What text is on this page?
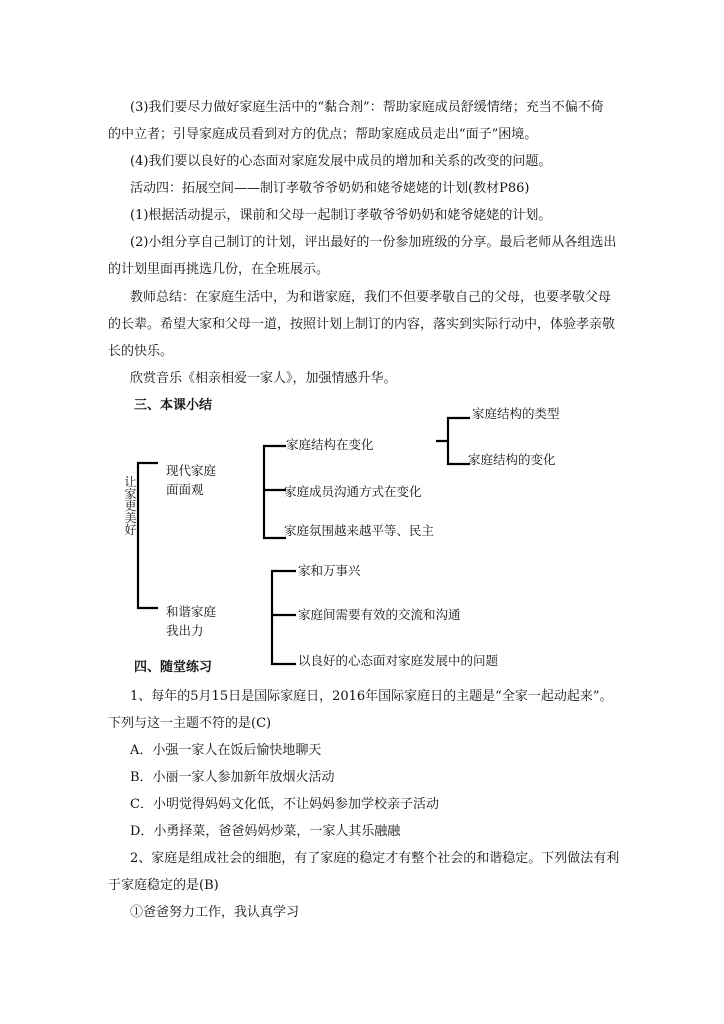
(3)我们要尽力做好家庭生活中的“黏合剂”：帮助家庭成员舒缓情绪；充当不偏不倚
的中立者；引导家庭成员看到对方的优点；帮助家庭成员走出“面子”困境。
(4)我们要以良好的心态面对家庭发展中成员的增加和关系的改变的问题。
活动四：拓展空间——制订孝敬爷爷奶奶和姥爷姥姥的计划(教材P86)
(1)根据活动提示，课前和父母一起制订孝敬爷爷奶奶和姥爷姥姥的计划。
(2)小组分享自己制订的计划，评出最好的一份参加班级的分享。最后老师从各组选出
的计划里面再挑选几份，在全班展示。
教师总结：在家庭生活中，为和谐家庭，我们不但要孝敬自己的父母，也要孝敬父母
的长辈。希望大家和父母一道，按照计划上制订的内容，落实到实际行动中，体验孝亲敬
长的快乐。
欣赏音乐《相亲相爱一家人》，加强情感升华。
三、本课小结
让家更美好
现代家庭
面面观
家庭结构在变化
家庭结构的类型
家庭结构的变化
家庭成员沟通方式在变化
家庭氛围越来越平等、民主
和谐家庭
我出力
家和万事兴
家庭间需要有效的交流和沟通
以良好的心态面对家庭发展中的问题
四、随堂练习
1、每年的5月15日是国际家庭日，2016年国际家庭日的主题是“全家一起动起来”。
下列与这一主题不符的是(C)
A．小强一家人在饭后愉快地聊天
B．小丽一家人参加新年放烟火活动
C．小明觉得妈妈文化低，不让妈妈参加学校亲子活动
D．小勇择菜，爸爸妈妈炒菜，一家人其乐融融
2、家庭是组成社会的细胞，有了家庭的稳定才有整个社会的和谐稳定。下列做法有利
于家庭稳定的是(B)
①爸爸努力工作，我认真学习
